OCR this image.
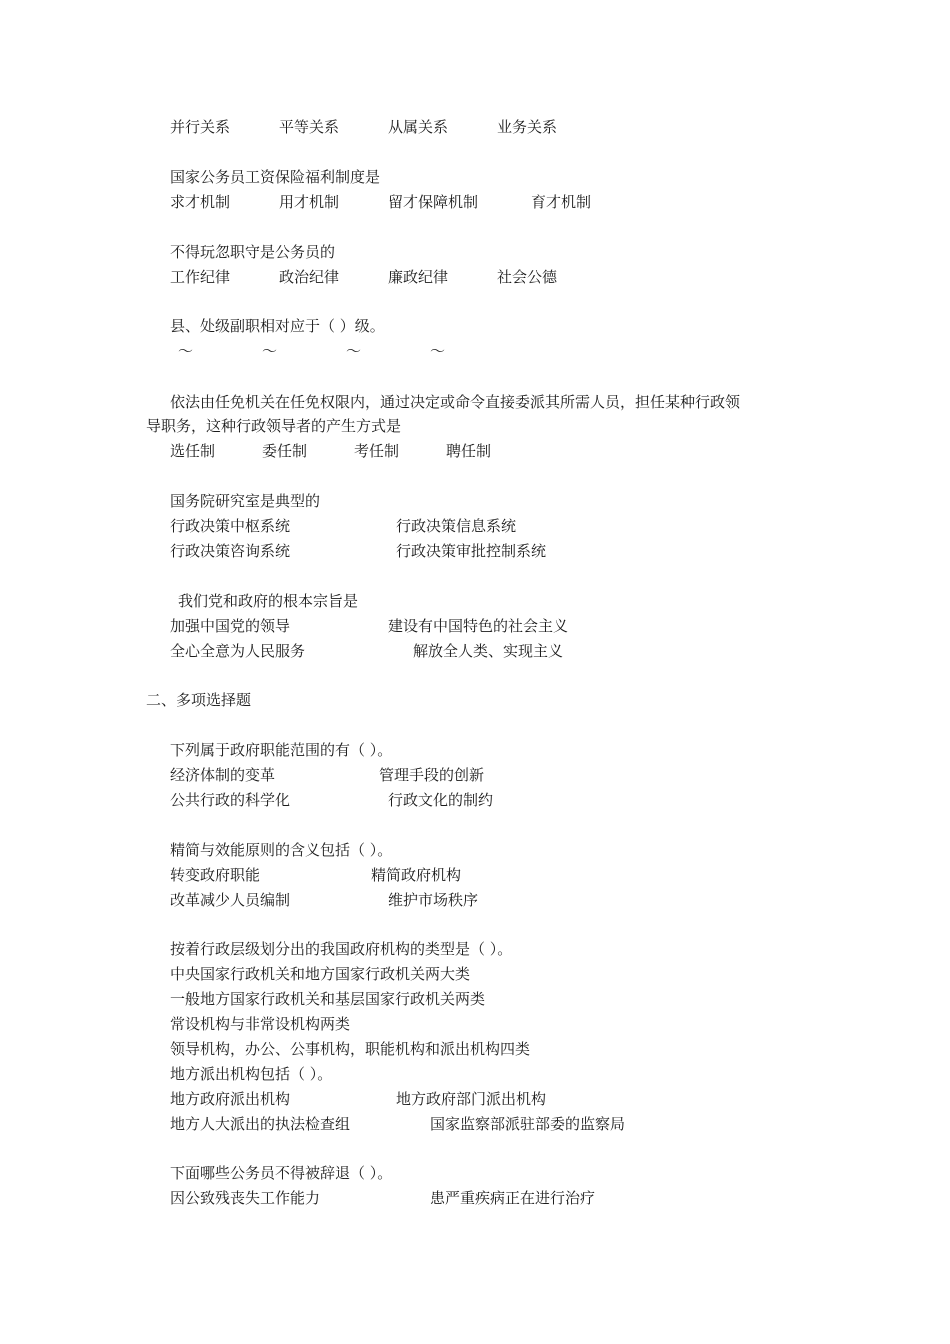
并行关系	平等关系	从属关系	业务关系
国家公务员工资保险福利制度是
求才机制	用才机制	留才保障机制	育才机制
不得玩忽职守是公务员的
工作纪律	政治纪律	廉政纪律	社会公德
县、处级副职相对应于（ ）级。
～	～	～	～
依法由任免机关在任免权限内，通过决定或命令直接委派其所需人员，担任某种行政领
导职务，这种行政领导者的产生方式是
选任制	委任制	考任制	聘任制
国务院研究室是典型的
行政决策中枢系统	行政决策信息系统
行政决策咨询系统	行政决策审批控制系统
我们党和政府的根本宗旨是
加强中国党的领导	建设有中国特色的社会主义
全心全意为人民服务	解放全人类、实现主义
二、多项选择题
下列属于政府职能范围的有（ ）。
经济体制的变革	管理手段的创新
公共行政的科学化	行政文化的制约
精简与效能原则的含义包括（ ）。
转变政府职能	精简政府机构
改革减少人员编制	维护市场秩序
按着行政层级划分出的我国政府机构的类型是（ ）。
中央国家行政机关和地方国家行政机关两大类
一般地方国家行政机关和基层国家行政机关两类
常设机构与非常设机构两类
领导机构，办公、公事机构，职能机构和派出机构四类
地方派出机构包括（ ）。
地方政府派出机构	地方政府部门派出机构
地方人大派出的执法检查组	国家监察部派驻部委的监察局
下面哪些公务员不得被辞退（ ）。
因公致残丧失工作能力	患严重疾病正在进行治疗
